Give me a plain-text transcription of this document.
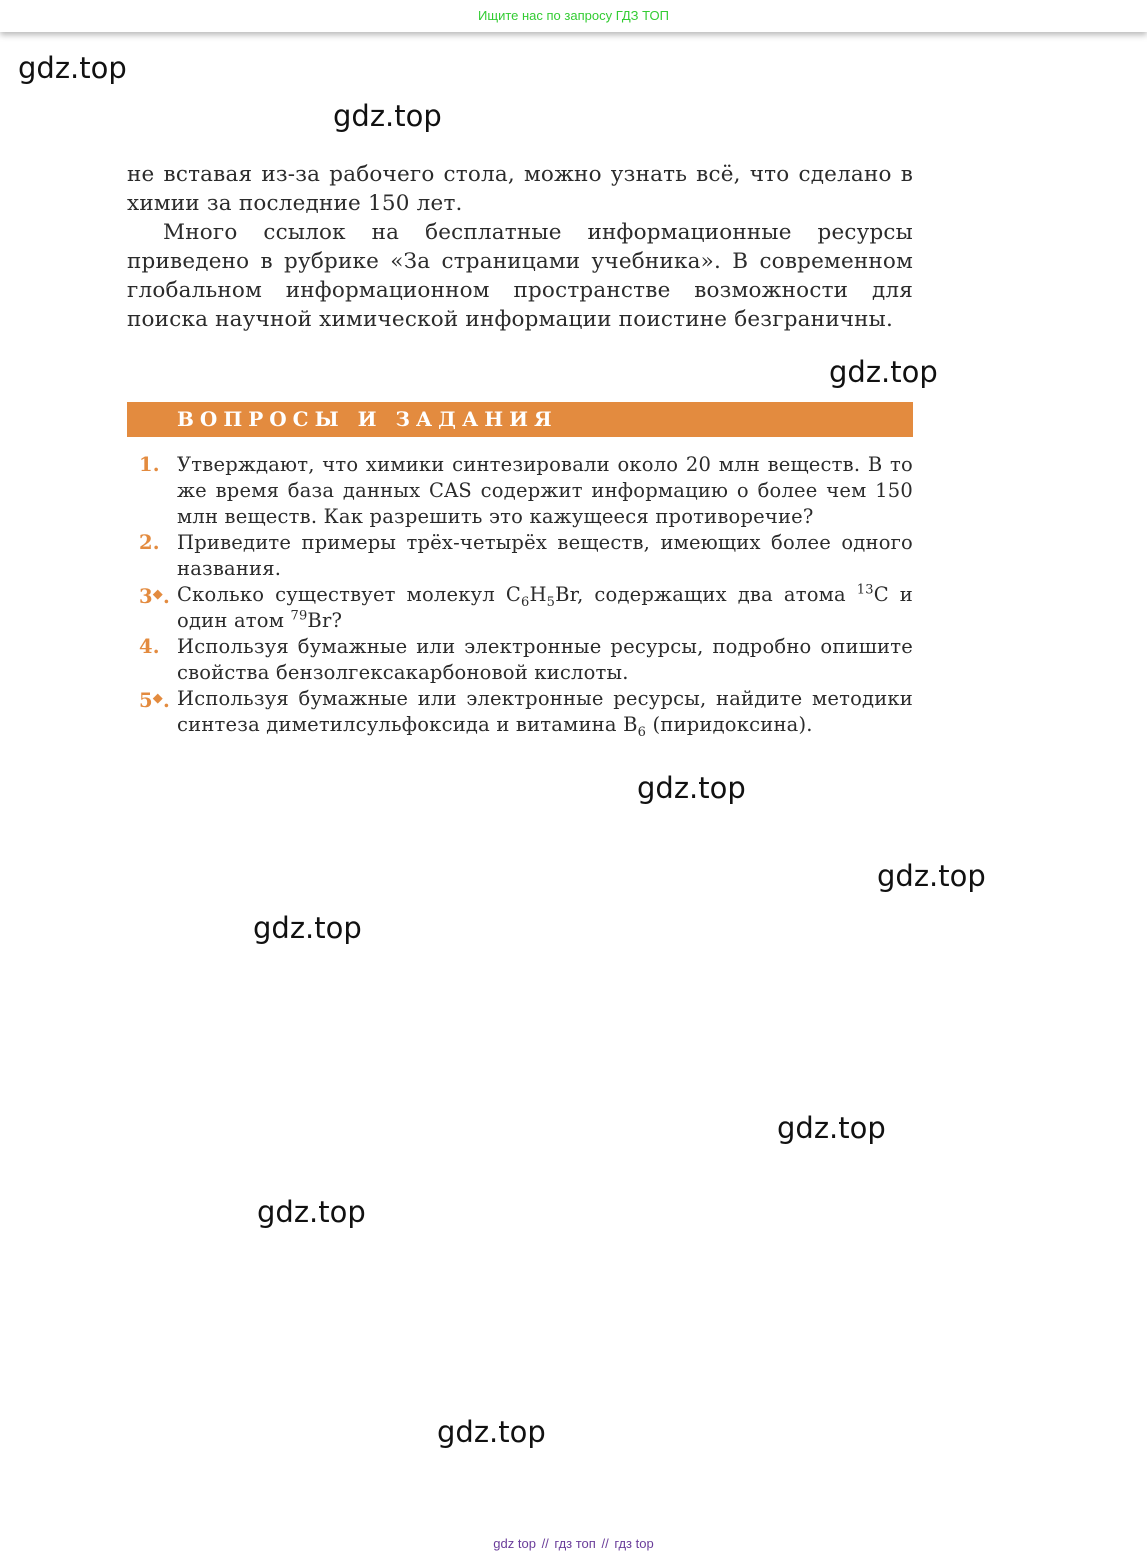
Ищите нас по запросу ГДЗ ТОП
gdz.top
gdz.top
gdz.top
gdz.top
gdz.top
gdz.top
gdz.top
gdz.top
gdz.top

не вставая из-за рабочего стола, можно узнать всё, что сделано в химии за последние 150 лет.

Много ссылок на бесплатные информационные ресурсы приведено в рубрике «За страницами учебника». В современном глобальном информационном пространстве возможности для поиска научной химической информации поистине безграничны.

ВОПРОСЫ И ЗАДАНИЯ
1. Утверждают, что химики синтезировали около 20 млн веществ. В то же время база данных CAS содержит информацию о более чем 150 млн веществ. Как разрешить это кажущееся противоречие?
2. Приведите примеры трёх-четырёх веществ, имеющих более одного названия.
3◆. Сколько существует молекул $C_6H_5Br$, содержащих два атома $^{13}$C и один атом $^{79}$Br?
4. Используя бумажные или электронные ресурсы, подробно опишите свойства бензолгексакарбоновой кислоты.
5◆. Используя бумажные или электронные ресурсы, найдите методики синтеза диметилсульфоксида и витамина $B_6$ (пиридоксина).
gdz top // гдз топ // гдз top
